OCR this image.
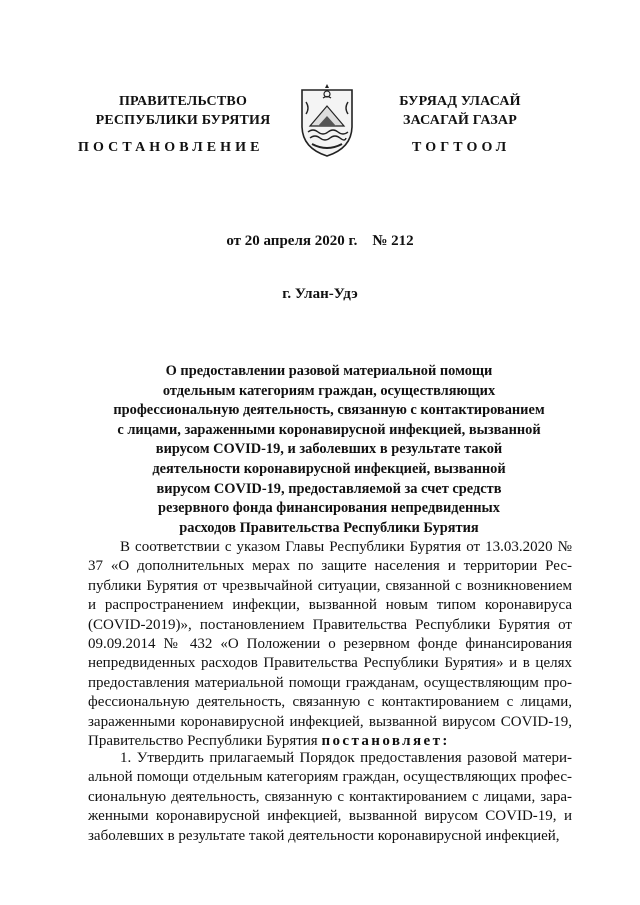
ПРАВИТЕЛЬСТВО
РЕСПУБЛИКИ БУРЯТИЯ
БУРЯАД УЛАСАЙ
ЗАСАГАЙ ГАЗАР
ПОСТАНОВЛЕНИЕ	ТОГТООЛ
от 20 апреля 2020 г.    № 212
г. Улан-Удэ
О предоставлении разовой материальной помощи
отдельным категориям граждан, осуществляющих
профессиональную деятельность, связанную с контактированием
с лицами, зараженными коронавирусной инфекцией, вызванной
вирусом COVID-19, и заболевших в результате такой
деятельности коронавирусной инфекцией, вызванной
вирусом COVID-19, предоставляемой за счет средств
резервного фонда финансирования непредвиденных
расходов Правительства Республики Бурятия
В соответствии с указом Главы Республики Бурятия от 13.03.2020 № 37 «О дополнительных мерах по защите населения и территории Рес-публики Бурятия от чрезвычайной ситуации, связанной с возникновением и распространением инфекции, вызванной новым типом коронавируса (COVID-2019)», постановлением Правительства Республики Бурятия от 09.09.2014 № 432 «О Положении о резервном фонде финансирования непредвиденных расходов Правительства Республики Бурятия» и в целях предоставления материальной помощи гражданам, осуществляющим про-фессиональную деятельность, связанную с контактированием с лицами, зараженными коронавирусной инфекцией, вызванной вирусом COVID-19, Правительство Республики Бурятия постановляет:
1. Утвердить прилагаемый Порядок предоставления разовой матери-альной помощи отдельным категориям граждан, осуществляющих профес-сиональную деятельность, связанную с контактированием с лицами, зара-женными коронавирусной инфекцией, вызванной вирусом COVID-19, и заболевших в результате такой деятельности коронавирусной инфекцией,
